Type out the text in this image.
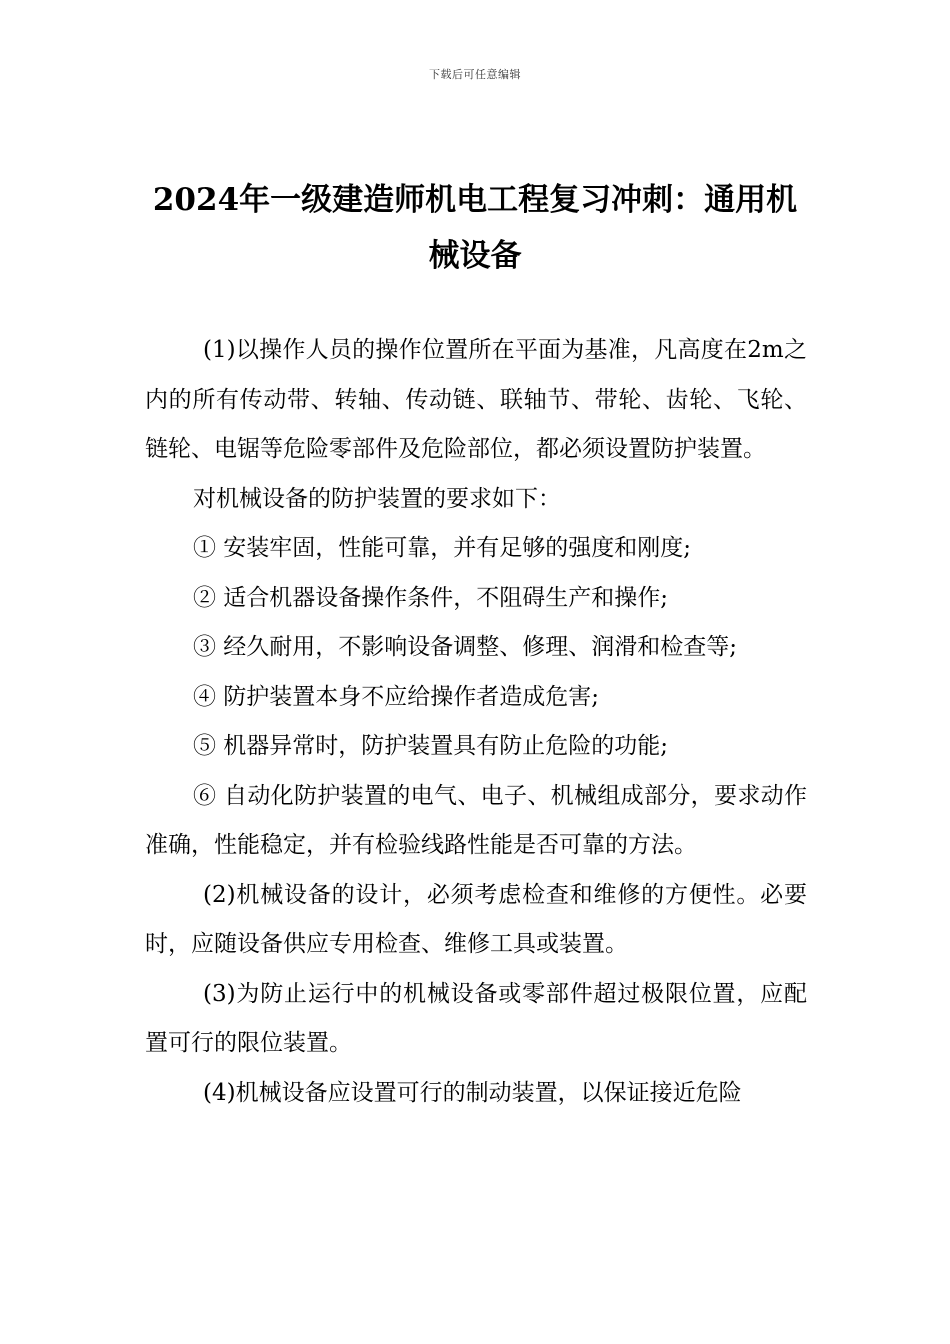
下载后可任意编辑
2024年一级建造师机电工程复习冲刺：通用机械设备

(1)以操作人员的操作位置所在平面为基准，凡高度在2m之内的所有传动带、转轴、传动链、联轴节、带轮、齿轮、飞轮、链轮、电锯等危险零部件及危险部位，都必须设置防护装置。

对机械设备的防护装置的要求如下：

① 安装牢固，性能可靠，并有足够的强度和刚度;

② 适合机器设备操作条件，不阻碍生产和操作;

③ 经久耐用，不影响设备调整、修理、润滑和检查等;

④ 防护装置本身不应给操作者造成危害;

⑤ 机器异常时，防护装置具有防止危险的功能;

⑥ 自动化防护装置的电气、电子、机械组成部分，要求动作准确，性能稳定，并有检验线路性能是否可靠的方法。

(2)机械设备的设计，必须考虑检查和维修的方便性。必要时，应随设备供应专用检查、维修工具或装置。

(3)为防止运行中的机械设备或零部件超过极限位置，应配置可行的限位装置。

(4)机械设备应设置可行的制动装置，以保证接近危险
